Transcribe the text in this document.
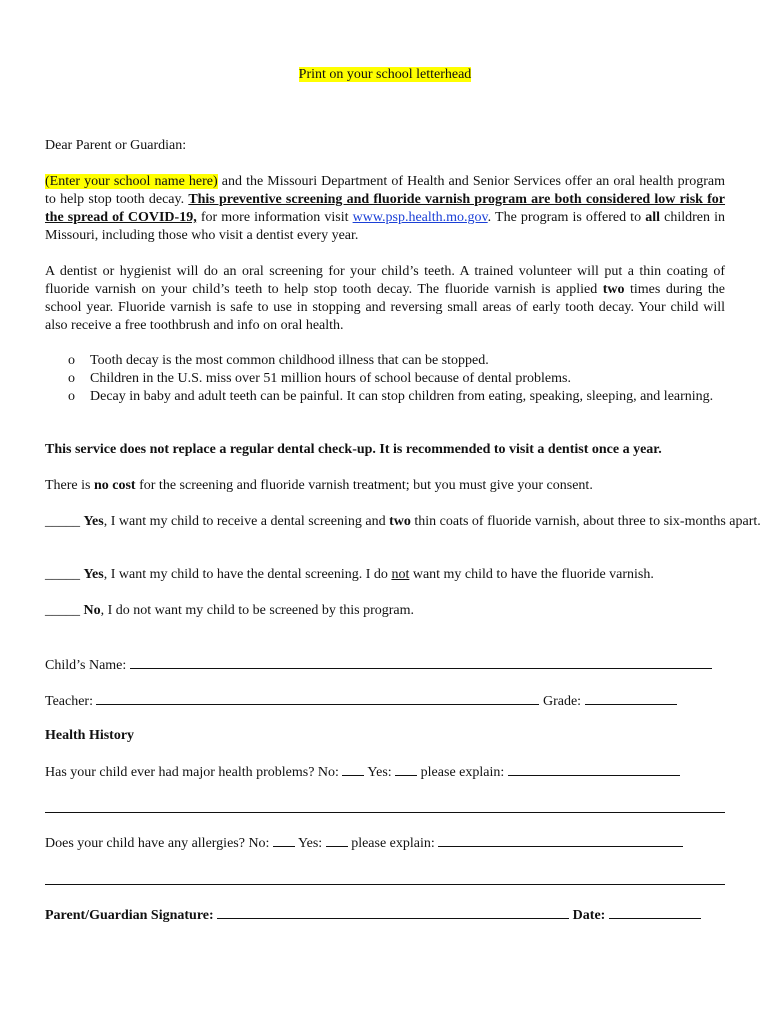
Print on your school letterhead
Dear Parent or Guardian:
(Enter your school name here) and the Missouri Department of Health and Senior Services offer an oral health program to help stop tooth decay. This preventive screening and fluoride varnish program are both considered low risk for the spread of COVID-19, for more information visit www.psp.health.mo.gov. The program is offered to all children in Missouri, including those who visit a dentist every year.
A dentist or hygienist will do an oral screening for your child’s teeth. A trained volunteer will put a thin coating of fluoride varnish on your child’s teeth to help stop tooth decay. The fluoride varnish is applied two times during the school year. Fluoride varnish is safe to use in stopping and reversing small areas of early tooth decay. Your child will also receive a free toothbrush and info on oral health.
o Tooth decay is the most common childhood illness that can be stopped.
o Children in the U.S. miss over 51 million hours of school because of dental problems.
o Decay in baby and adult teeth can be painful. It can stop children from eating, speaking, sleeping, and learning.
This service does not replace a regular dental check-up. It is recommended to visit a dentist once a year.
There is no cost for the screening and fluoride varnish treatment; but you must give your consent.
_____ Yes, I want my child to receive a dental screening and two thin coats of fluoride varnish, about three to six-months apart.
_____ Yes, I want my child to have the dental screening. I do not want my child to have the fluoride varnish.
_____ No, I do not want my child to be screened by this program.
Child’s Name:
Teacher:	Grade:
Health History
Has your child ever had major health problems? No: Yes: please explain:
Does your child have any allergies? No: Yes: please explain:
Parent/Guardian Signature:	Date:
